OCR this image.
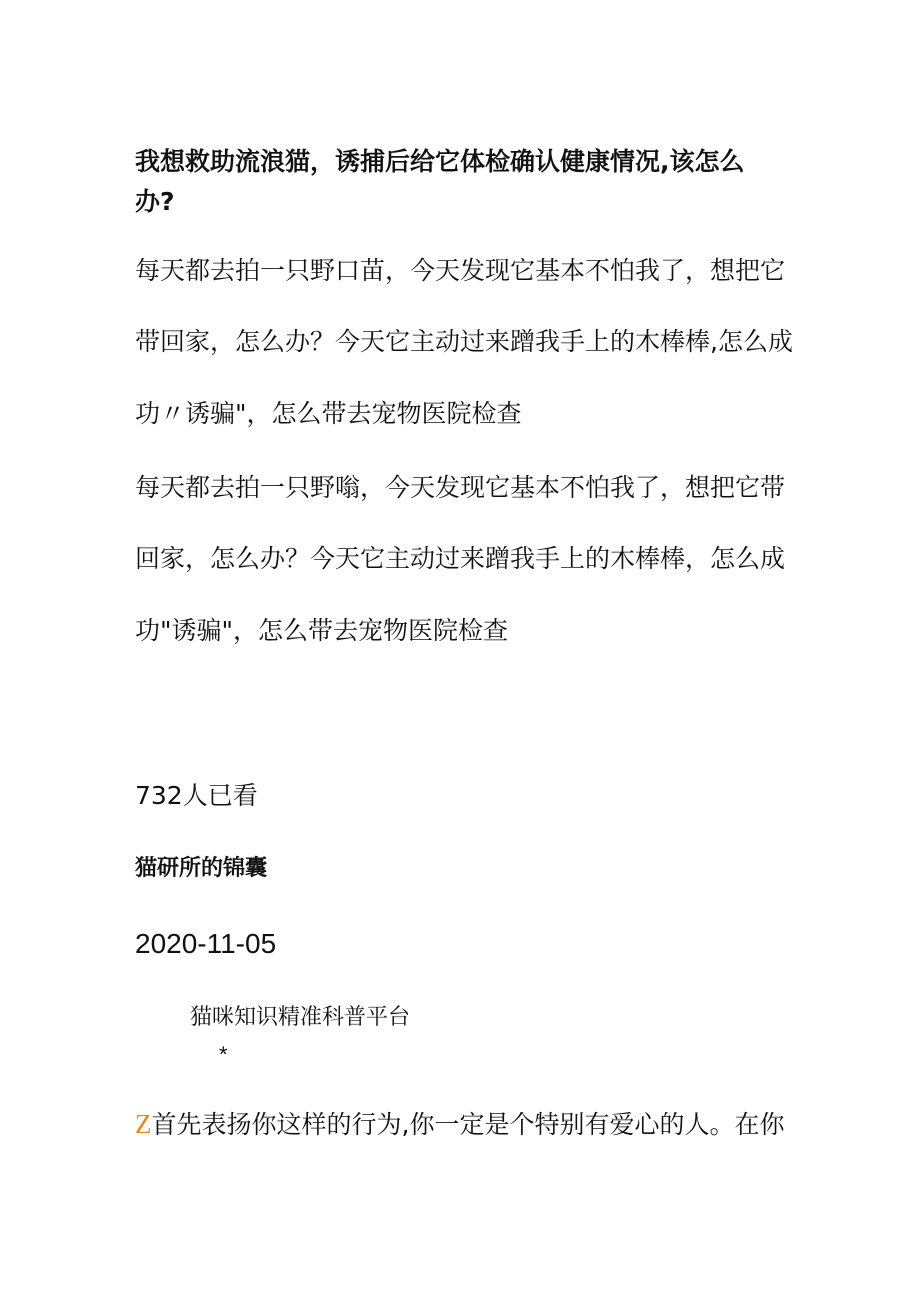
我想救助流浪猫，诱捕后给它体检确认健康情况,该怎么办?
每天都去拍一只野口苗，今天发现它基本不怕我了，想把它
带回家，怎么办？今天它主动过来蹭我手上的木棒棒,怎么成
功〃诱骗"，怎么带去宠物医院检查
每天都去拍一只野嗡，今天发现它基本不怕我了，想把它带
回家，怎么办？今天它主动过来蹭我手上的木棒棒，怎么成
功"诱骗"，怎么带去宠物医院检查
732人已看
猫研所的锦囊
2020-11-05
猫咪知识精准科普平台
*
Z首先表扬你这样的行为,你一定是个特别有爱心的人。在你
